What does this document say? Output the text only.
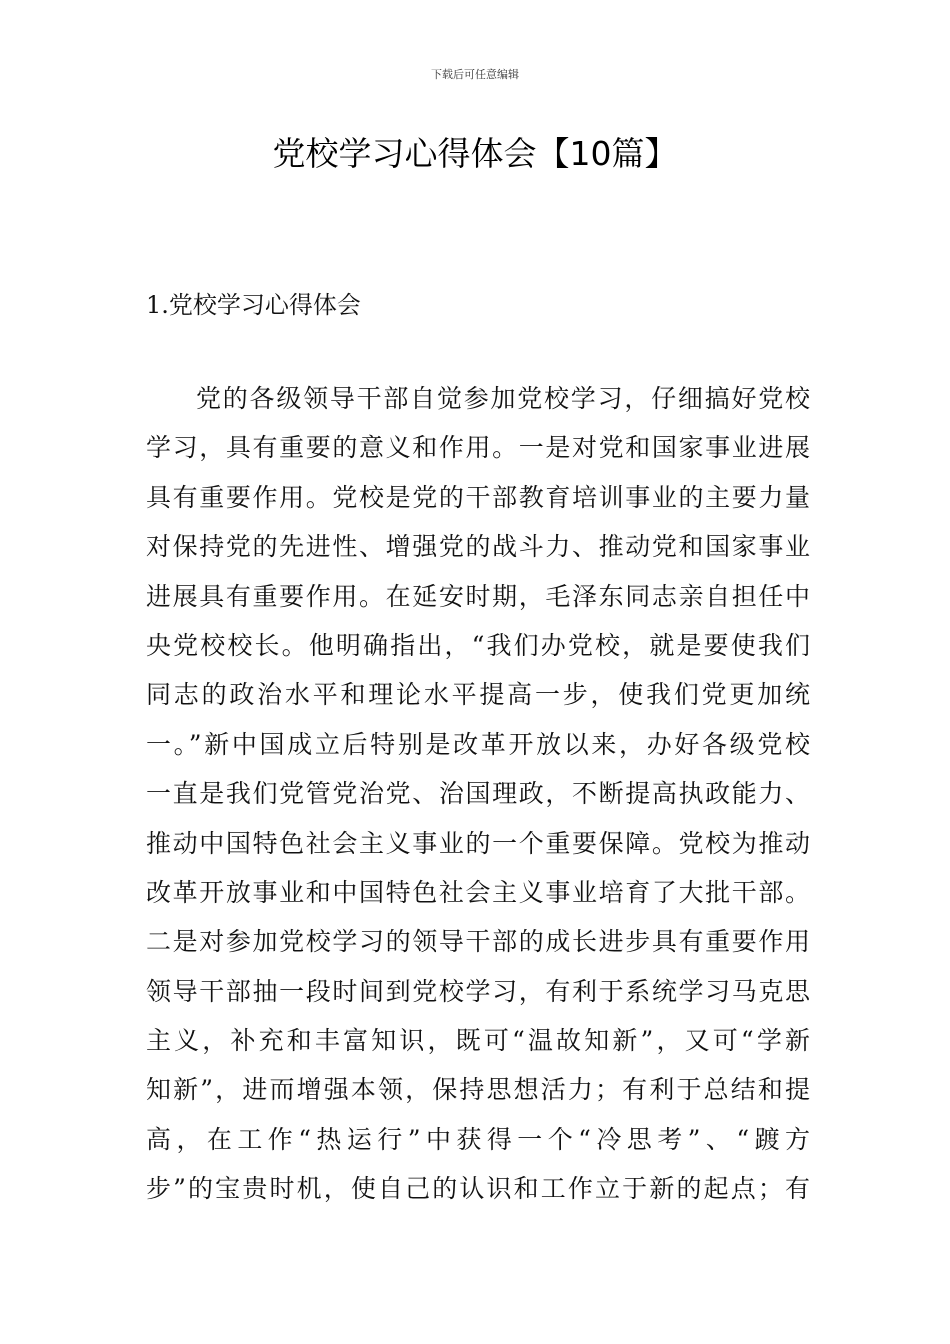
下载后可任意编辑
党校学习心得体会【10篇】
1.党校学习心得体会
党的各级领导干部自觉参加党校学习，仔细搞好党校
学习，具有重要的意义和作用。一是对党和国家事业进展
具有重要作用。党校是党的干部教育培训事业的主要力量
对保持党的先进性、增强党的战斗力、推动党和国家事业
进展具有重要作用。在延安时期，毛泽东同志亲自担任中
央党校校长。他明确指出，“我们办党校，就是要使我们
同志的政治水平和理论水平提高一步，使我们党更加统
一。”新中国成立后特别是改革开放以来，办好各级党校
一直是我们党管党治党、治国理政，不断提高执政能力、
推动中国特色社会主义事业的一个重要保障。党校为推动
改革开放事业和中国特色社会主义事业培育了大批干部。
二是对参加党校学习的领导干部的成长进步具有重要作用
领导干部抽一段时间到党校学习，有利于系统学习马克思
主义，补充和丰富知识，既可“温故知新”，又可“学新
知新”，进而增强本领，保持思想活力；有利于总结和提
高，在工作“热运行”中获得一个“冷思考”、“踱方
步”的宝贵时机，使自己的认识和工作立于新的起点；有
